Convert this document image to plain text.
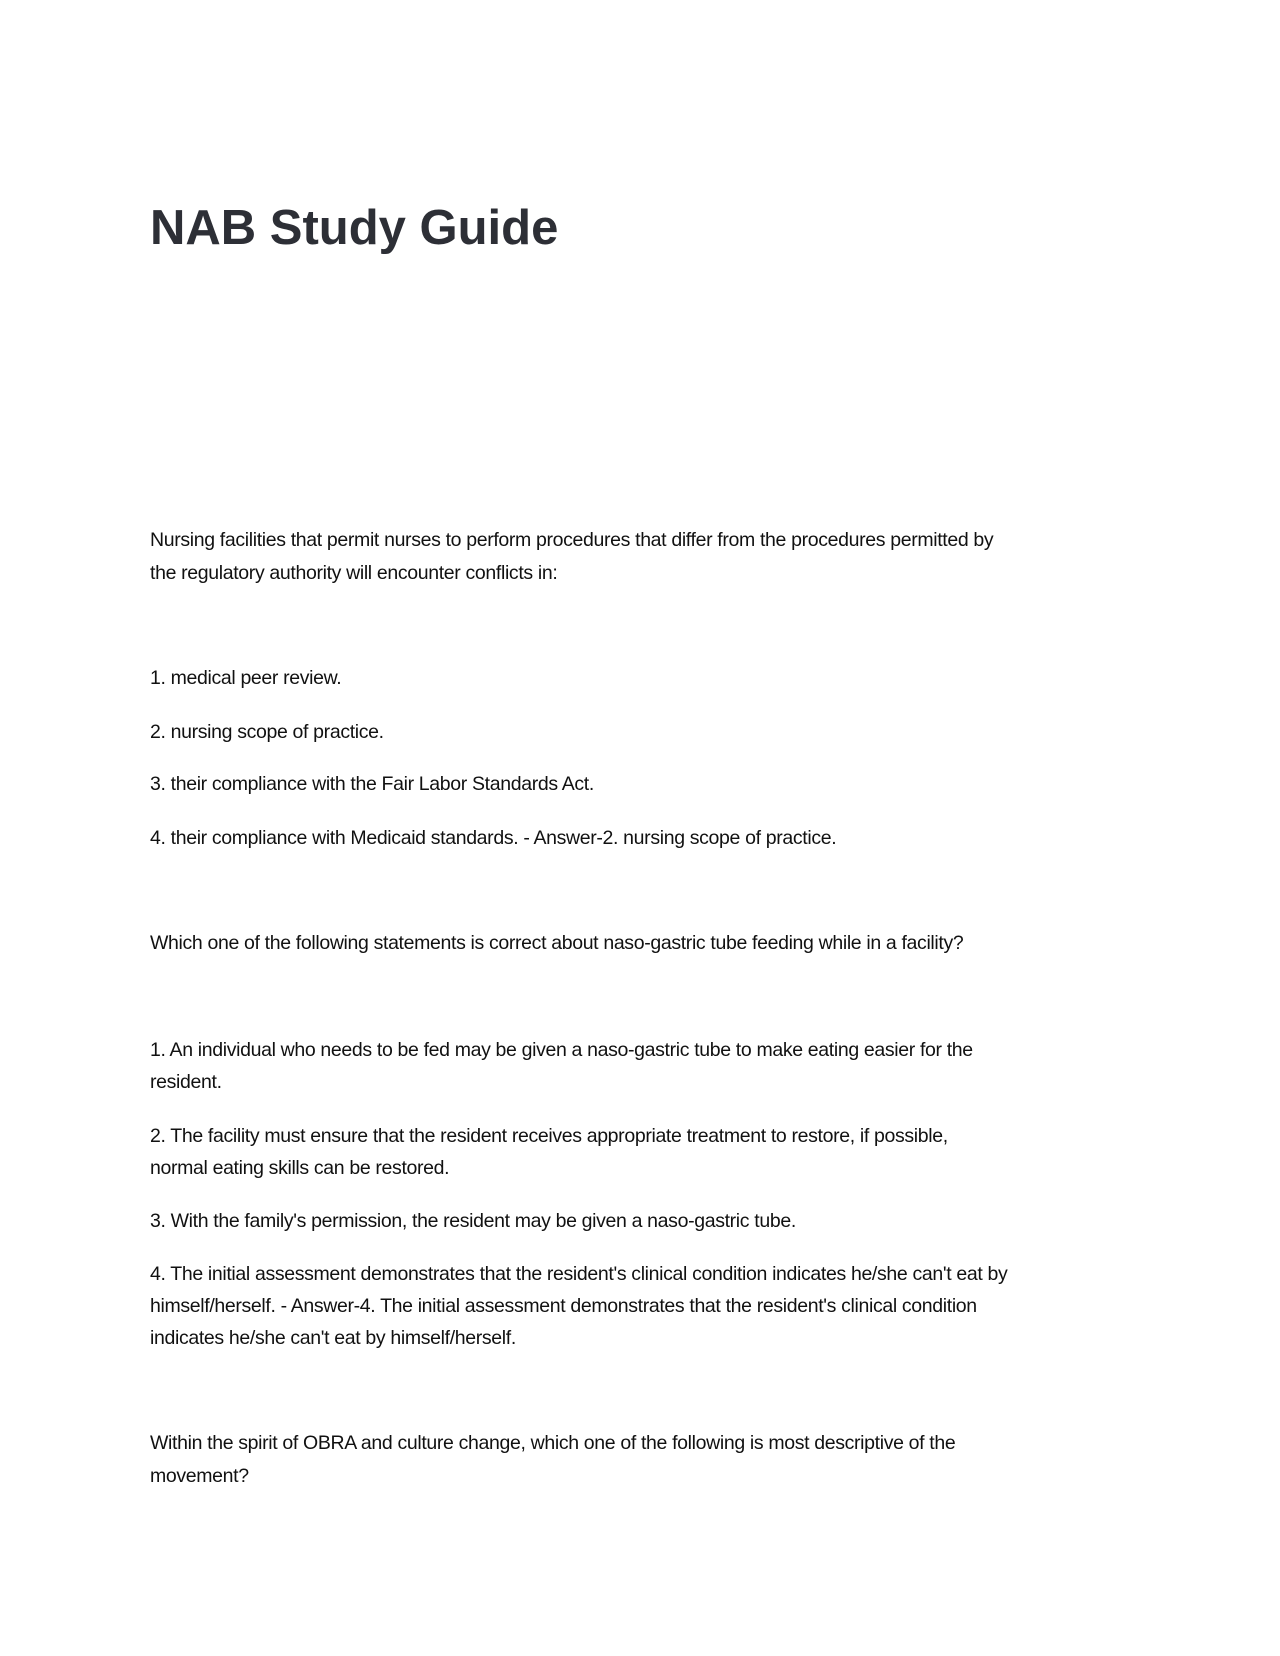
NAB Study Guide
Nursing facilities that permit nurses to perform procedures that differ from the procedures permitted by
the regulatory authority will encounter conflicts in:
1. medical peer review.
2. nursing scope of practice.
3. their compliance with the Fair Labor Standards Act.
4. their compliance with Medicaid standards. - Answer-2. nursing scope of practice.
Which one of the following statements is correct about naso-gastric tube feeding while in a facility?
1. An individual who needs to be fed may be given a naso-gastric tube to make eating easier for the
resident.
2. The facility must ensure that the resident receives appropriate treatment to restore, if possible,
normal eating skills can be restored.
3. With the family's permission, the resident may be given a naso-gastric tube.
4. The initial assessment demonstrates that the resident's clinical condition indicates he/she can't eat by
himself/herself. - Answer-4. The initial assessment demonstrates that the resident's clinical condition
indicates he/she can't eat by himself/herself.
Within the spirit of OBRA and culture change, which one of the following is most descriptive of the
movement?
